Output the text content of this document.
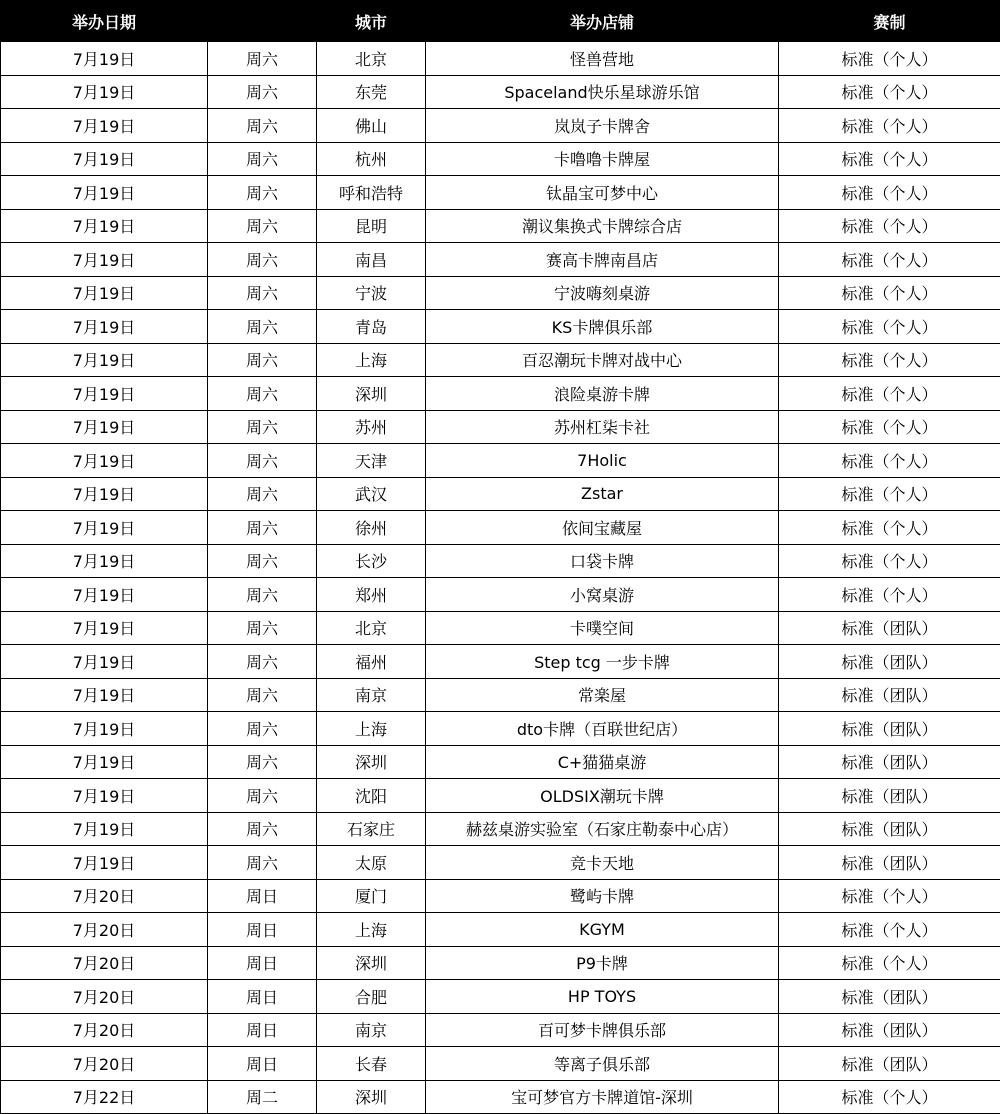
举办日期		城市	举办店铺	赛制
7月19日	周六	北京	怪兽营地	标准（个人）
7月19日	周六	东莞	Spaceland快乐星球游乐馆	标准（个人）
7月19日	周六	佛山	岚岚子卡牌舍	标准（个人）
7月19日	周六	杭州	卡噜噜卡牌屋	标准（个人）
7月19日	周六	呼和浩特	钛晶宝可梦中心	标准（个人）
7月19日	周六	昆明	潮议集换式卡牌综合店	标准（个人）
7月19日	周六	南昌	赛高卡牌南昌店	标准（个人）
7月19日	周六	宁波	宁波嗨刻桌游	标准（个人）
7月19日	周六	青岛	KS卡牌俱乐部	标准（个人）
7月19日	周六	上海	百忍潮玩卡牌对战中心	标准（个人）
7月19日	周六	深圳	浪险桌游卡牌	标准（个人）
7月19日	周六	苏州	苏州杠柒卡社	标准（个人）
7月19日	周六	天津	7Holic	标准（个人）
7月19日	周六	武汉	Zstar	标准（个人）
7月19日	周六	徐州	依间宝藏屋	标准（个人）
7月19日	周六	长沙	口袋卡牌	标准（个人）
7月19日	周六	郑州	小窝桌游	标准（个人）
7月19日	周六	北京	卡噗空间	标准（团队）
7月19日	周六	福州	Step tcg 一步卡牌	标准（团队）
7月19日	周六	南京	常楽屋	标准（团队）
7月19日	周六	上海	dto卡牌（百联世纪店）	标准（团队）
7月19日	周六	深圳	C+猫猫桌游	标准（团队）
7月19日	周六	沈阳	OLDSIX潮玩卡牌	标准（团队）
7月19日	周六	石家庄	赫兹桌游实验室（石家庄勒泰中心店）	标准（团队）
7月19日	周六	太原	竞卡天地	标准（团队）
7月20日	周日	厦门	鹭屿卡牌	标准（个人）
7月20日	周日	上海	KGYM	标准（个人）
7月20日	周日	深圳	P9卡牌	标准（个人）
7月20日	周日	合肥	HP TOYS	标准（团队）
7月20日	周日	南京	百可梦卡牌俱乐部	标准（团队）
7月20日	周日	长春	等离子俱乐部	标准（团队）
7月22日	周二	深圳	宝可梦官方卡牌道馆-深圳	标准（个人）
